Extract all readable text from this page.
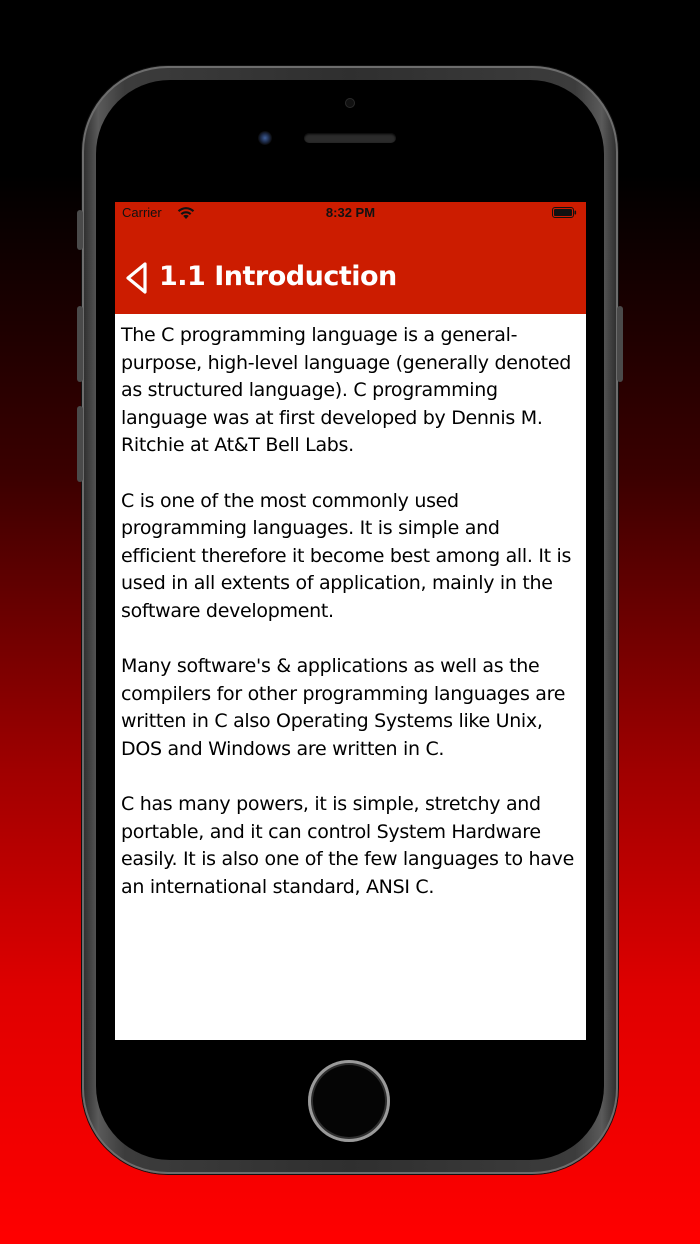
Carrier	8:32 PM
1.1 Introduction

The C programming language is a general-purpose, high-level language (generally denoted as structured language). C programming language was at first developed by Dennis M. Ritchie at At&T Bell Labs.

C is one of the most commonly used programming languages. It is simple and efficient therefore it become best among all. It is used in all extents of application, mainly in the software development.

Many software's & applications as well as the compilers for other programming languages are written in C also Operating Systems like Unix, DOS and Windows are written in C.

C has many powers, it is simple, stretchy and portable, and it can control System Hardware easily. It is also one of the few languages to have an international standard, ANSI C.
